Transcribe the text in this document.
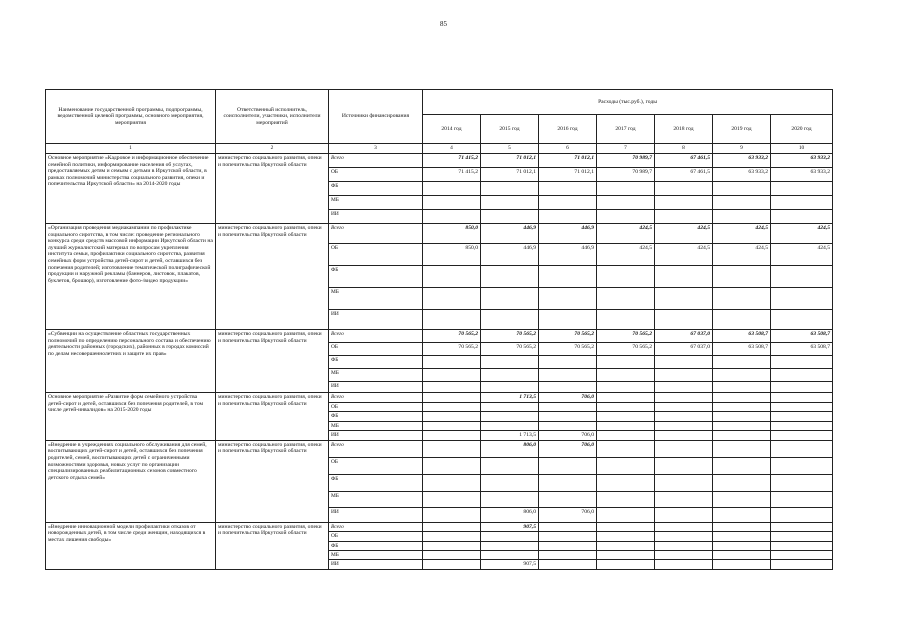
85
Наименование государственной программы, подпрограммы, ведомственной целевой программы, основного мероприятия, мероприятия	Ответственный исполнитель, соисполнители, участники, исполнители мероприятий	Источники финансирования	Расходы (тыс.руб.), годы						
			2014 год	2015 год	2016 год	2017 год	2018 год	2019 год	2020 год
1	2	3	4	5	6	7	8	9	10
Основное мероприятие «Кадровое и информационное обеспечение семейной политики, информирование населения об услугах, предоставляемых детям и семьям с детьми в Иркутской области, в рамках полномочий министерства социального развития, опеки и попечительства Иркутской области» на 2014-2020 годы	министерство социального развития, опеки и попечительства Иркутской области	Всего	71 415,2	71 012,1	71 012,1	70 989,7	67 461,5	63 933,2	63 933,2
		ОБ	71 415,2	71 012,1	71 012,1	70 989,7	67 461,5	63 933,2	63 933,2
		ФБ							
		МБ							
		ИИ							
«Организация проведения медиакампании по профилактике социального сиротства, в том числе: проведение регионального конкурса среди средств массовой информации Иркутской области на лучший журналистский материал по вопросам укрепления института семьи, профилактики социального сиротства, развития семейных форм устройства детей-сирот и детей, оставшихся без попечения родителей; изготовление тематической полиграфической продукции и наружной рекламы (баннеров, листовок, плакатов, буклетов, брошюр), изготовление фото-/видео продукции»	министерство социального развития, опеки и попечительства Иркутской области	Всего	850,0	446,9	446,9	424,5	424,5	424,5	424,5
		ОБ	850,0	446,9	446,9	424,5	424,5	424,5	424,5
		ФБ							
		МБ							
		ИИ							
«Субвенции на осуществление областных государственных полномочий по определению персонального состава и обеспечению деятельности районных (городских), районных в городах комиссий по делам несовершеннолетних и защите их прав»	министерство социального развития, опеки и попечительства Иркутской области	Всего	70 565,2	70 565,2	70 565,2	70 565,2	67 037,0	63 508,7	63 508,7
		ОБ	70 565,2	70 565,2	70 565,2	70 565,2	67 037,0	63 508,7	63 508,7
		ФБ							
		МБ							
		ИИ							
Основное мероприятие «Развитие форм семейного устройства детей-сирот и детей, оставшихся без попечения родителей, в том числе детей-инвалидов» на 2015-2020 годы	министерство социального развития, опеки и попечительства Иркутской области	Всего		1 713,5	706,0				
		ОБ							
		ФБ							
		МБ							
		ИИ		1 713,5	706,0				
«Внедрение в учреждениях социального обслуживания для семей, воспитывающих детей-сирот и детей, оставшихся без попечения родителей, семей, воспитывающих детей с ограниченными возможностями здоровья, новых услуг по организации специализированных реабилитационных сезонов совместного детского отдыха семей»	министерство социального развития, опеки и попечительства Иркутской области	Всего		806,0	706,0				
		ОБ							
		ФБ							
		МБ							
		ИИ		806,0	706,0				
«Внедрение инновационной модели профилактики отказов от новорожденных детей, в том числе среди женщин, находящихся в местах лишения свободы»	министерство социального развития, опеки и попечительства Иркутской области	Всего		907,5					
		ОБ							
		ФБ							
		МБ							
		ИИ		907,5					
